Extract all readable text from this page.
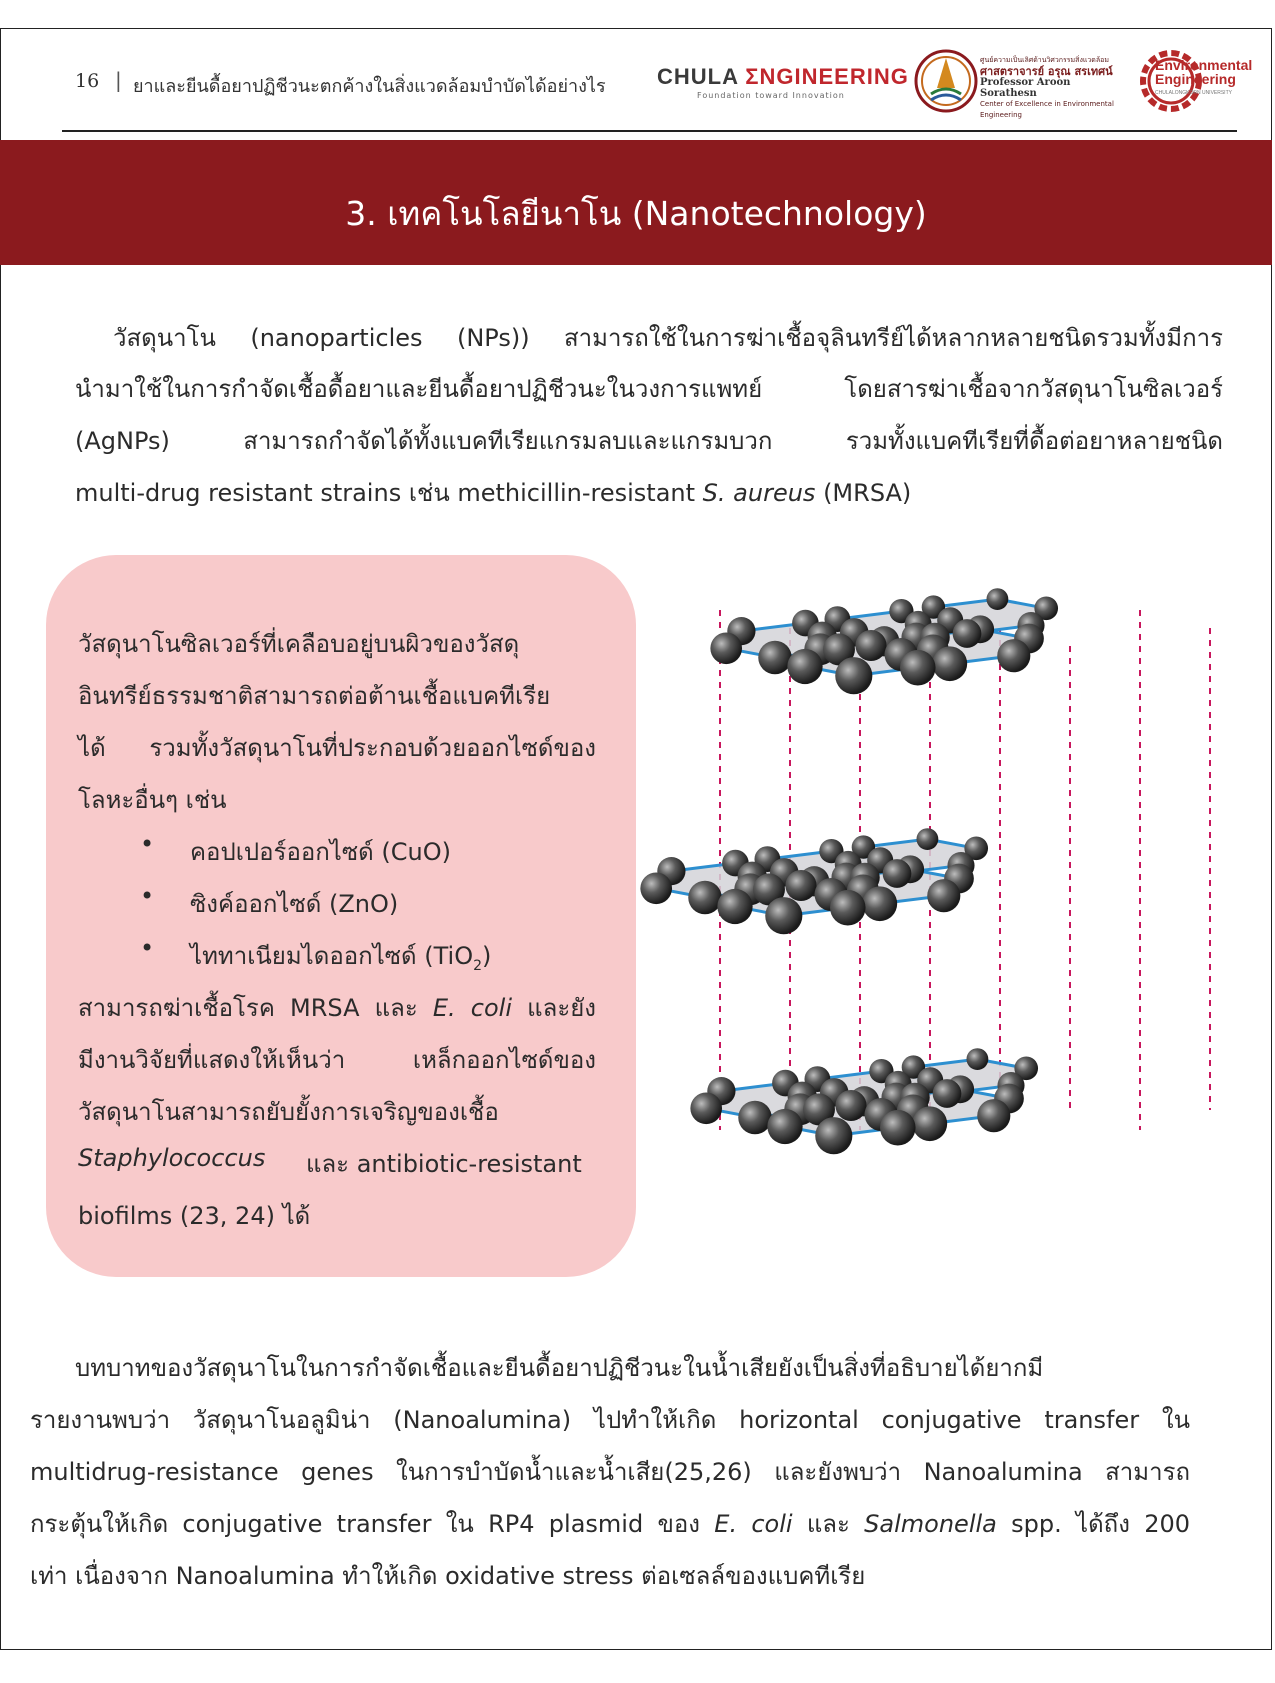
16 | ยาและยีนดื้อยาปฏิชีวนะตกค้างในสิ่งแวดล้อมบำบัดได้อย่างไร CHULA ΣNGINEERING
Foundation toward Innovation
ศูนย์ความเป็นเลิศด้านวิศวกรรมสิ่งแวดล้อม
ศาสตราจารย์ อรุณ สรเทศน์
Professor Aroon Sorathesn
Center of Excellence in Environmental Engineering
Environmental
Engineering
CHULALONGKORN UNIVERSITY
3. เทคโนโลยีนาโน (Nanotechnology)
วัสดุนาโน (nanoparticles (NPs)) สามารถใช้ในการฆ่าเชื้อจุลินทรีย์ได้หลากหลายชนิดรวมทั้งมีการ
นำมาใช้ในการกำจัดเชื้อดื้อยาและยีนดื้อยาปฏิชีวนะในวงการแพทย์ โดยสารฆ่าเชื้อจากวัสดุนาโนซิลเวอร์
(AgNPs) สามารถกำจัดได้ทั้งแบคทีเรียแกรมลบและแกรมบวก รวมทั้งแบคทีเรียที่ดื้อต่อยาหลายชนิด
multi-drug resistant strains เช่น methicillin-resistant S. aureus (MRSA)
วัสดุนาโนซิลเวอร์ที่เคลือบอยู่บนผิวของวัสดุ
อินทรีย์ธรรมชาติสามารถต่อต้านเชื้อแบคทีเรีย
ได้ รวมทั้งวัสดุนาโนที่ประกอบด้วยออกไซด์ของ
โลหะอื่นๆ เช่น
• คอปเปอร์ออกไซด์ (CuO)
• ซิงค์ออกไซด์ (ZnO)
• ไททาเนียมไดออกไซด์ (TiO$_2$)
สามารถฆ่าเชื้อโรค MRSA และ E. coli และยัง
มีงานวิจัยที่แสดงให้เห็นว่า เหล็กออกไซด์ของ
วัสดุนาโนสามารถยับยั้งการเจริญของเชื้อ
Staphylococcus และ antibiotic-resistant
biofilms (23, 24) ได้
บทบาทของวัสดุนาโนในการกำจัดเชื้อและยีนดื้อยาปฏิชีวนะในน้ำเสียยังเป็นสิ่งที่อธิบายได้ยากมี
รายงานพบว่า วัสดุนาโนอลูมิน่า (Nanoalumina) ไปทำให้เกิด horizontal conjugative transfer ใน
multidrug-resistance genes ในการบำบัดน้ำและน้ำเสีย(25,26) และยังพบว่า Nanoalumina สามารถ
กระตุ้นให้เกิด conjugative transfer ใน RP4 plasmid ของ E. coli และ Salmonella spp. ได้ถึง 200
เท่า เนื่องจาก Nanoalumina ทำให้เกิด oxidative stress ต่อเซลล์ของแบคทีเรีย
